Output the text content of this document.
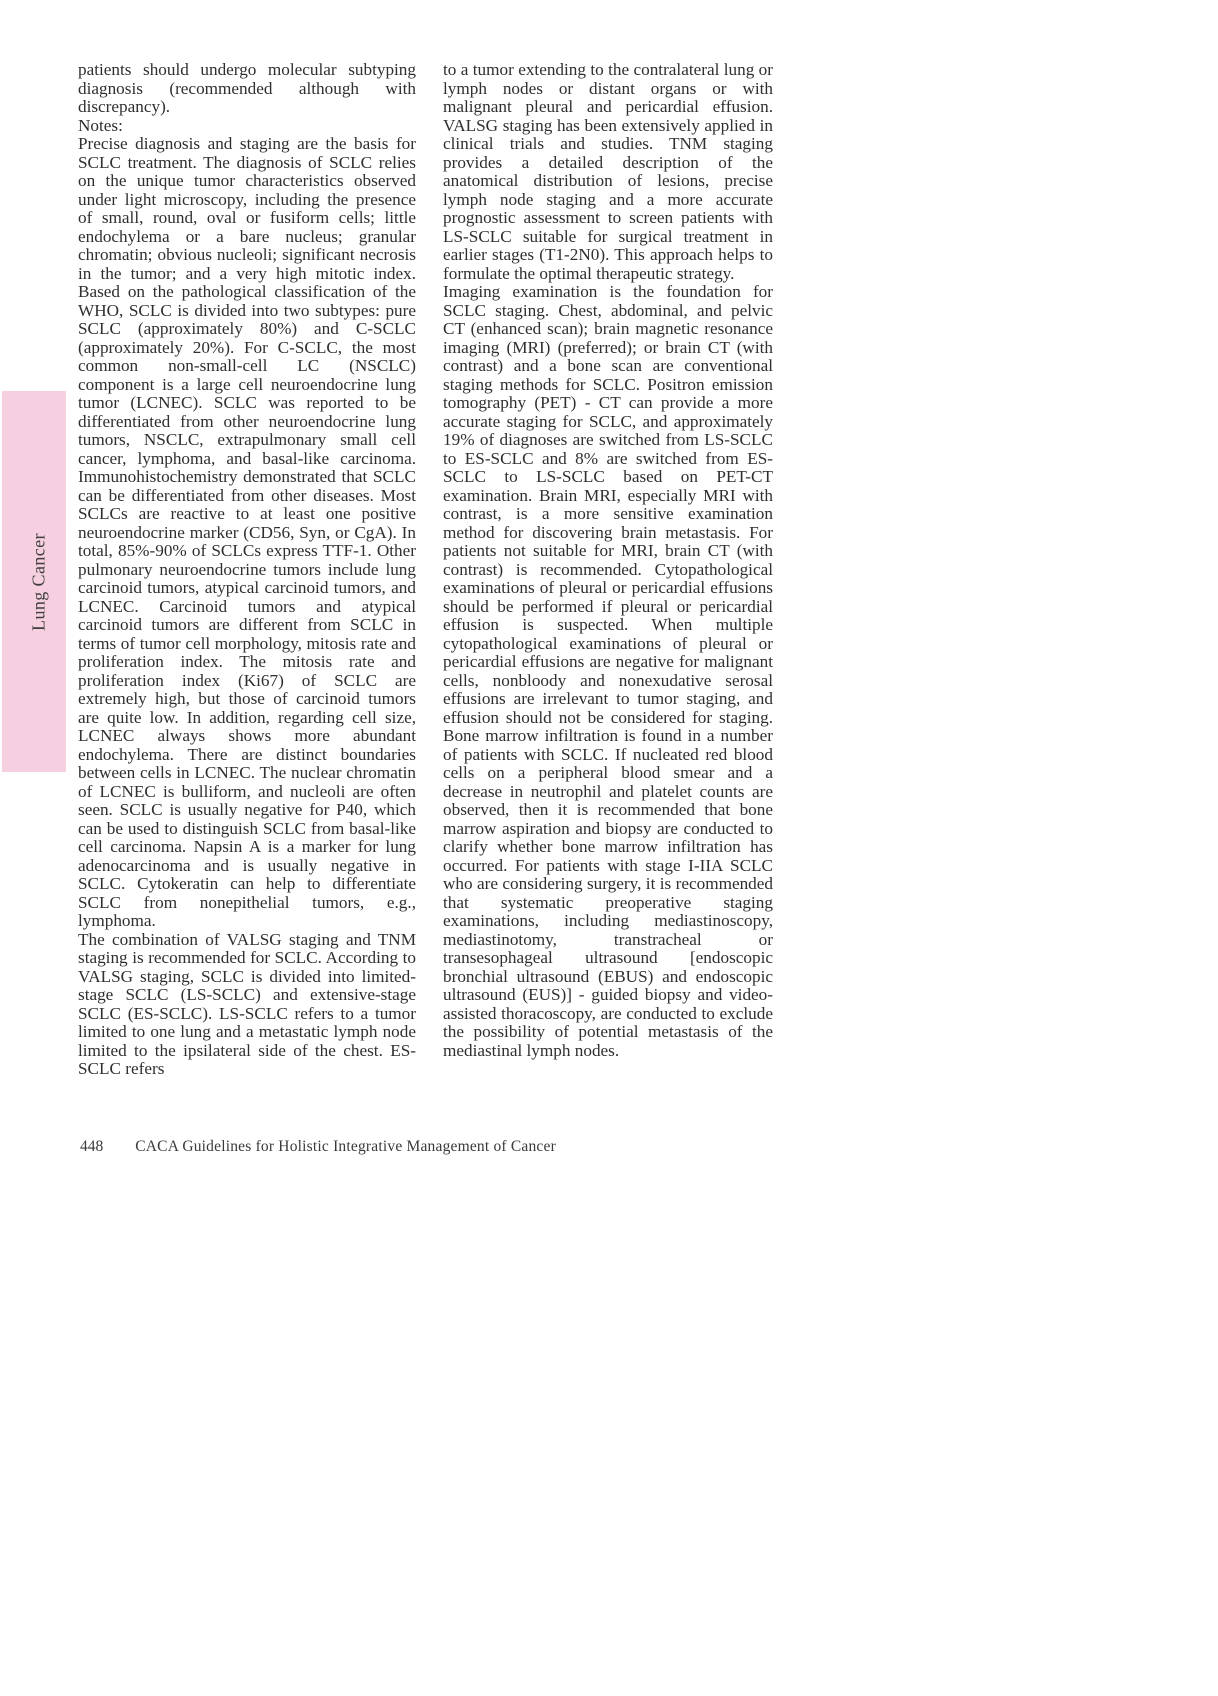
Lung Cancer

patients should undergo molecular subtyping diagnosis (recommended although with discrepancy).

Notes:

Precise diagnosis and staging are the basis for SCLC treatment. The diagnosis of SCLC relies on the unique tumor characteristics observed under light microscopy, including the presence of small, round, oval or fusiform cells; little endochylema or a bare nucleus; granular chromatin; obvious nucleoli; significant necrosis in the tumor; and a very high mitotic index. Based on the pathological classification of the WHO, SCLC is divided into two subtypes: pure SCLC (approximately 80%) and C-SCLC (approximately 20%). For C-SCLC, the most common non-small-cell LC (NSCLC) component is a large cell neuroendocrine lung tumor (LCNEC). SCLC was reported to be differentiated from other neuroendocrine lung tumors, NSCLC, extrapulmonary small cell cancer, lymphoma, and basal-like carcinoma. Immunohistochemistry demonstrated that SCLC can be differentiated from other diseases. Most SCLCs are reactive to at least one positive neuroendocrine marker (CD56, Syn, or CgA). In total, 85%-90% of SCLCs express TTF-1. Other pulmonary neuroendocrine tumors include lung carcinoid tumors, atypical carcinoid tumors, and LCNEC. Carcinoid tumors and atypical carcinoid tumors are different from SCLC in terms of tumor cell morphology, mitosis rate and proliferation index. The mitosis rate and proliferation index (Ki67) of SCLC are extremely high, but those of carcinoid tumors are quite low. In addition, regarding cell size, LCNEC always shows more abundant endochylema. There are distinct boundaries between cells in LCNEC. The nuclear chromatin of LCNEC is bulliform, and nucleoli are often seen. SCLC is usually negative for P40, which can be used to distinguish SCLC from basal-like cell carcinoma. Napsin A is a marker for lung adenocarcinoma and is usually negative in SCLC. Cytokeratin can help to differentiate SCLC from nonepithelial tumors, e.g., lymphoma.

The combination of VALSG staging and TNM staging is recommended for SCLC. According to VALSG staging, SCLC is divided into limited-stage SCLC (LS-SCLC) and extensive-stage SCLC (ES-SCLC). LS-SCLC refers to a tumor limited to one lung and a metastatic lymph node limited to the ipsilateral side of the chest. ES-SCLC refers

to a tumor extending to the contralateral lung or lymph nodes or distant organs or with malignant pleural and pericardial effusion. VALSG staging has been extensively applied in clinical trials and studies. TNM staging provides a detailed description of the anatomical distribution of lesions, precise lymph node staging and a more accurate prognostic assessment to screen patients with LS-SCLC suitable for surgical treatment in earlier stages (T1-2N0). This approach helps to formulate the optimal therapeutic strategy.

Imaging examination is the foundation for SCLC staging. Chest, abdominal, and pelvic CT (enhanced scan); brain magnetic resonance imaging (MRI) (preferred); or brain CT (with contrast) and a bone scan are conventional staging methods for SCLC. Positron emission tomography (PET) - CT can provide a more accurate staging for SCLC, and approximately 19% of diagnoses are switched from LS-SCLC to ES-SCLC and 8% are switched from ES-SCLC to LS-SCLC based on PET-CT examination. Brain MRI, especially MRI with contrast, is a more sensitive examination method for discovering brain metastasis. For patients not suitable for MRI, brain CT (with contrast) is recommended. Cytopathological examinations of pleural or pericardial effusions should be performed if pleural or pericardial effusion is suspected. When multiple cytopathological examinations of pleural or pericardial effusions are negative for malignant cells, nonbloody and nonexudative serosal effusions are irrelevant to tumor staging, and effusion should not be considered for staging. Bone marrow infiltration is found in a number of patients with SCLC. If nucleated red blood cells on a peripheral blood smear and a decrease in neutrophil and platelet counts are observed, then it is recommended that bone marrow aspiration and biopsy are conducted to clarify whether bone marrow infiltration has occurred. For patients with stage I-IIA SCLC who are considering surgery, it is recommended that systematic preoperative staging examinations, including mediastinoscopy, mediastinotomy, transtracheal or transesophageal ultrasound [endoscopic bronchial ultrasound (EBUS) and endoscopic ultrasound (EUS)] - guided biopsy and video-assisted thoracoscopy, are conducted to exclude the possibility of potential metastasis of the mediastinal lymph nodes.

448 CACA Guidelines for Holistic Integrative Management of Cancer
